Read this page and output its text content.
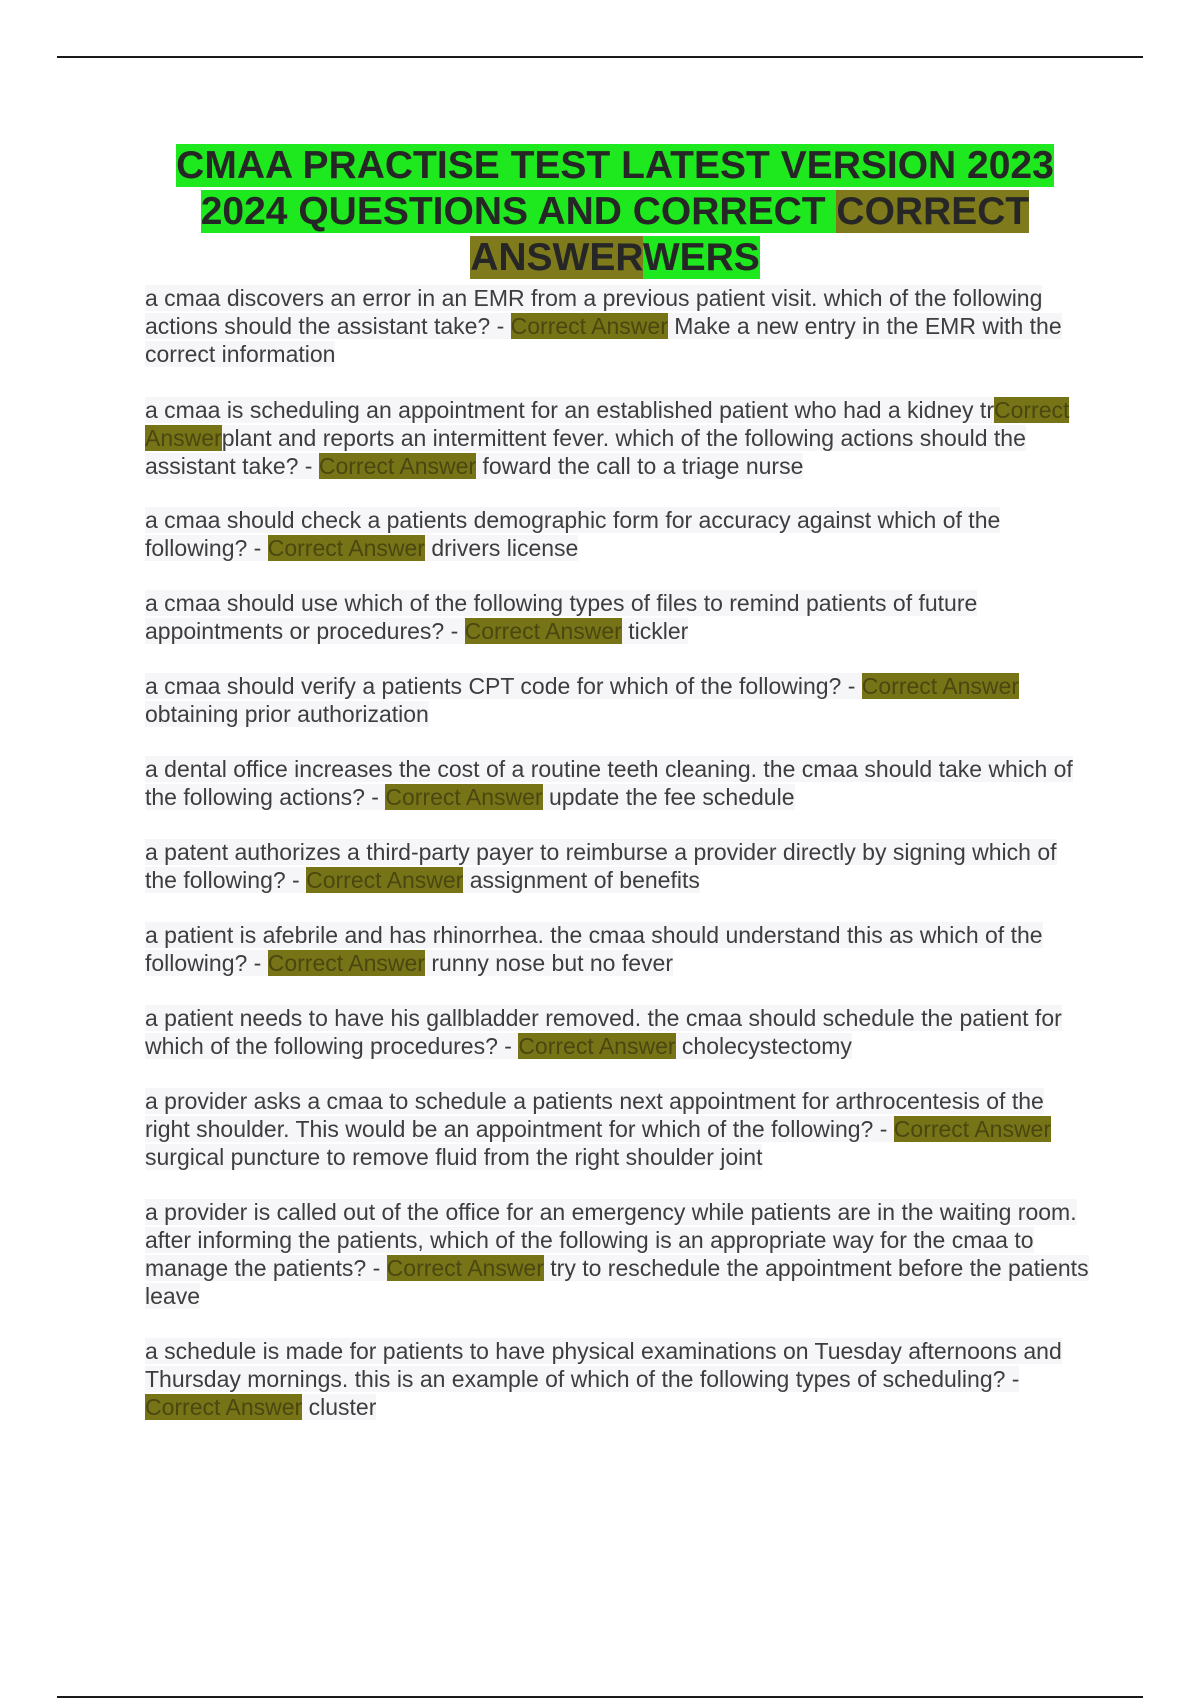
CMAA PRACTISE TEST LATEST VERSION 2023
2024 QUESTIONS AND CORRECT CORRECT
ANSWERWERS

a cmaa discovers an error in an EMR from a previous patient visit. which of the following actions should the assistant take? - Correct Answer Make a new entry in the EMR with the correct information

a cmaa is scheduling an appointment for an established patient who had a kidney trCorrect Answerplant and reports an intermittent fever. which of the following actions should the assistant take? - Correct Answer foward the call to a triage nurse

a cmaa should check a patients demographic form for accuracy against which of the following? - Correct Answer drivers license

a cmaa should use which of the following types of files to remind patients of future appointments or procedures? - Correct Answer tickler

a cmaa should verify a patients CPT code for which of the following? - Correct Answer obtaining prior authorization

a dental office increases the cost of a routine teeth cleaning. the cmaa should take which of the following actions? - Correct Answer update the fee schedule

a patent authorizes a third-party payer to reimburse a provider directly by signing which of the following? - Correct Answer assignment of benefits

a patient is afebrile and has rhinorrhea. the cmaa should understand this as which of the following? - Correct Answer runny nose but no fever

a patient needs to have his gallbladder removed. the cmaa should schedule the patient for which of the following procedures? - Correct Answer cholecystectomy

a provider asks a cmaa to schedule a patients next appointment for arthrocentesis of the right shoulder. This would be an appointment for which of the following? - Correct Answer surgical puncture to remove fluid from the right shoulder joint

a provider is called out of the office for an emergency while patients are in the waiting room. after informing the patients, which of the following is an appropriate way for the cmaa to manage the patients? - Correct Answer try to reschedule the appointment before the patients leave

a schedule is made for patients to have physical examinations on Tuesday afternoons and Thursday mornings. this is an example of which of the following types of scheduling? - Correct Answer cluster
